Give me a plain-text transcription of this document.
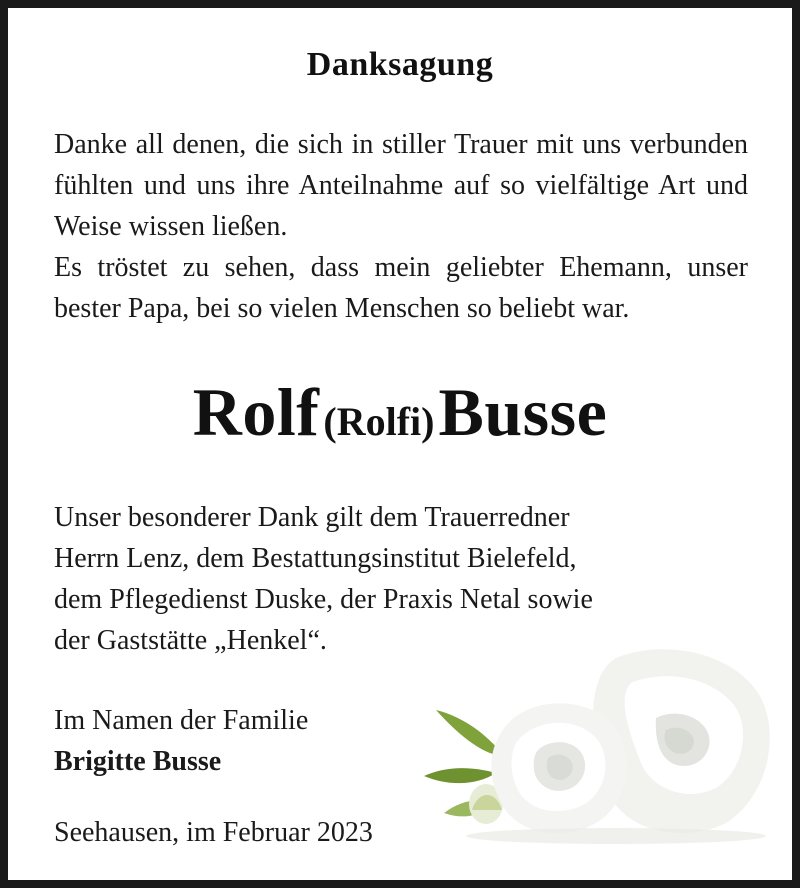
Danksagung
Danke all denen, die sich in stiller Trauer mit uns verbunden fühlten und uns ihre Anteilnahme auf so vielfältige Art und Weise wissen ließen.
Es tröstet zu sehen, dass mein geliebter Ehemann, unser bester Papa, bei so vielen Menschen so beliebt war.
Rolf (Rolfi) Busse
Unser besonderer Dank gilt dem Trauerredner
Herrn Lenz, dem Bestattungsinstitut Bielefeld,
dem Pflegedienst Duske, der Praxis Netal sowie
der Gaststätte „Henkel“.
Im Namen der Familie
Brigitte Busse
Seehausen, im Februar 2023
